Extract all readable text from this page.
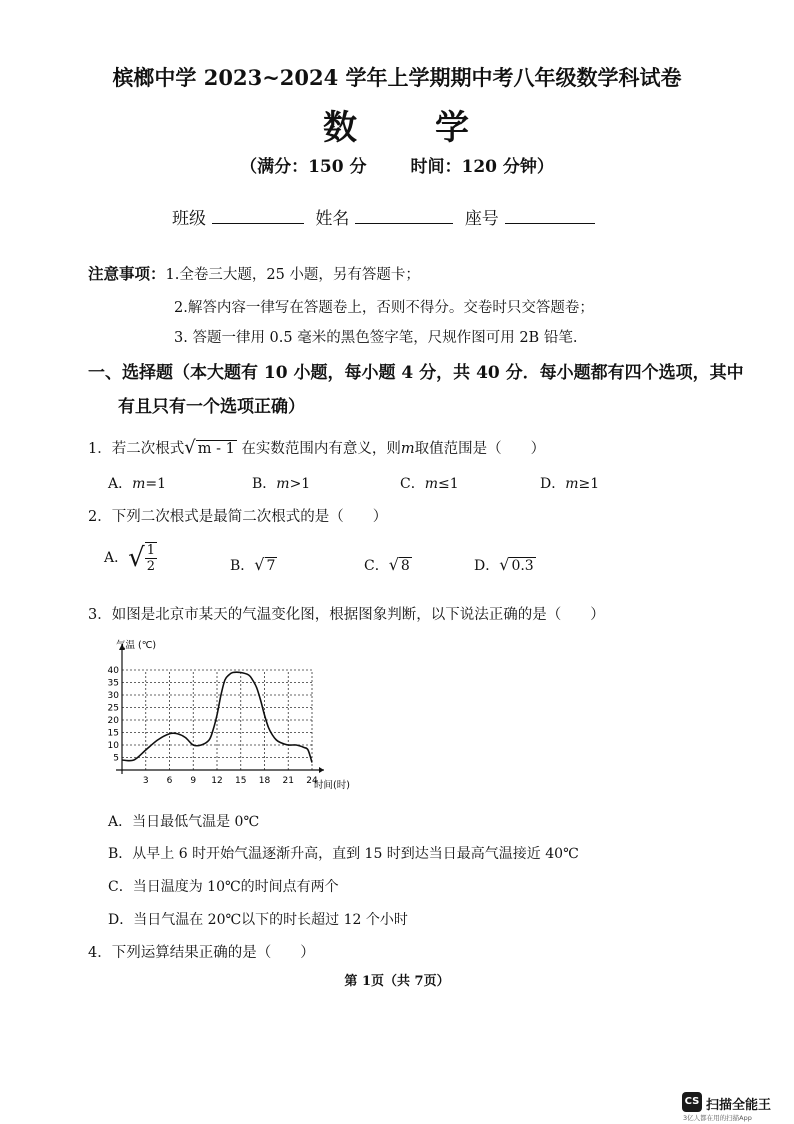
槟榔中学 2023~2024 学年上学期期中考八年级数学科试卷
数 学
（满分：150 分	时间：120 分钟）
班级	姓名	座号
注意事项：1.全卷三大题，25 小题，另有答题卡；
2.解答内容一律写在答题卷上，否则不得分。交卷时只交答题卷；
3. 答题一律用 0.5 毫米的黑色签字笔，尺规作图可用 2B 铅笔.
一、选择题（本大题有 10 小题，每小题 4 分，共 40 分．每小题都有四个选项，其中
有且只有一个选项正确）
1．若二次根式√ m - 1 在实数范围内有意义，则m取值范围是（　　）
A．m=1	B．m>1	C．m≤1	D．m≥1
2．下列二次根式是最简二次根式的是（　　）
A．√ $\frac{1}{2}$	B．√ 7	C．√ 8	D．√ 0.3
3．如图是北京市某天的气温变化图，根据图象判断，以下说法正确的是（　　）
5
10
15
20
25
30
35
40
3 6 9 12 15 18 21 24
气温 (℃)
时间(时)
A．当日最低气温是 0℃
B．从早上 6 时开始气温逐渐升高，直到 15 时到达当日最高气温接近 40℃
C．当日温度为 10℃的时间点有两个
D．当日气温在 20℃以下的时长超过 12 个小时
4．下列运算结果正确的是（　　）
第 1页（共 7页）
CS 扫描全能王
3亿人都在用的扫描App
